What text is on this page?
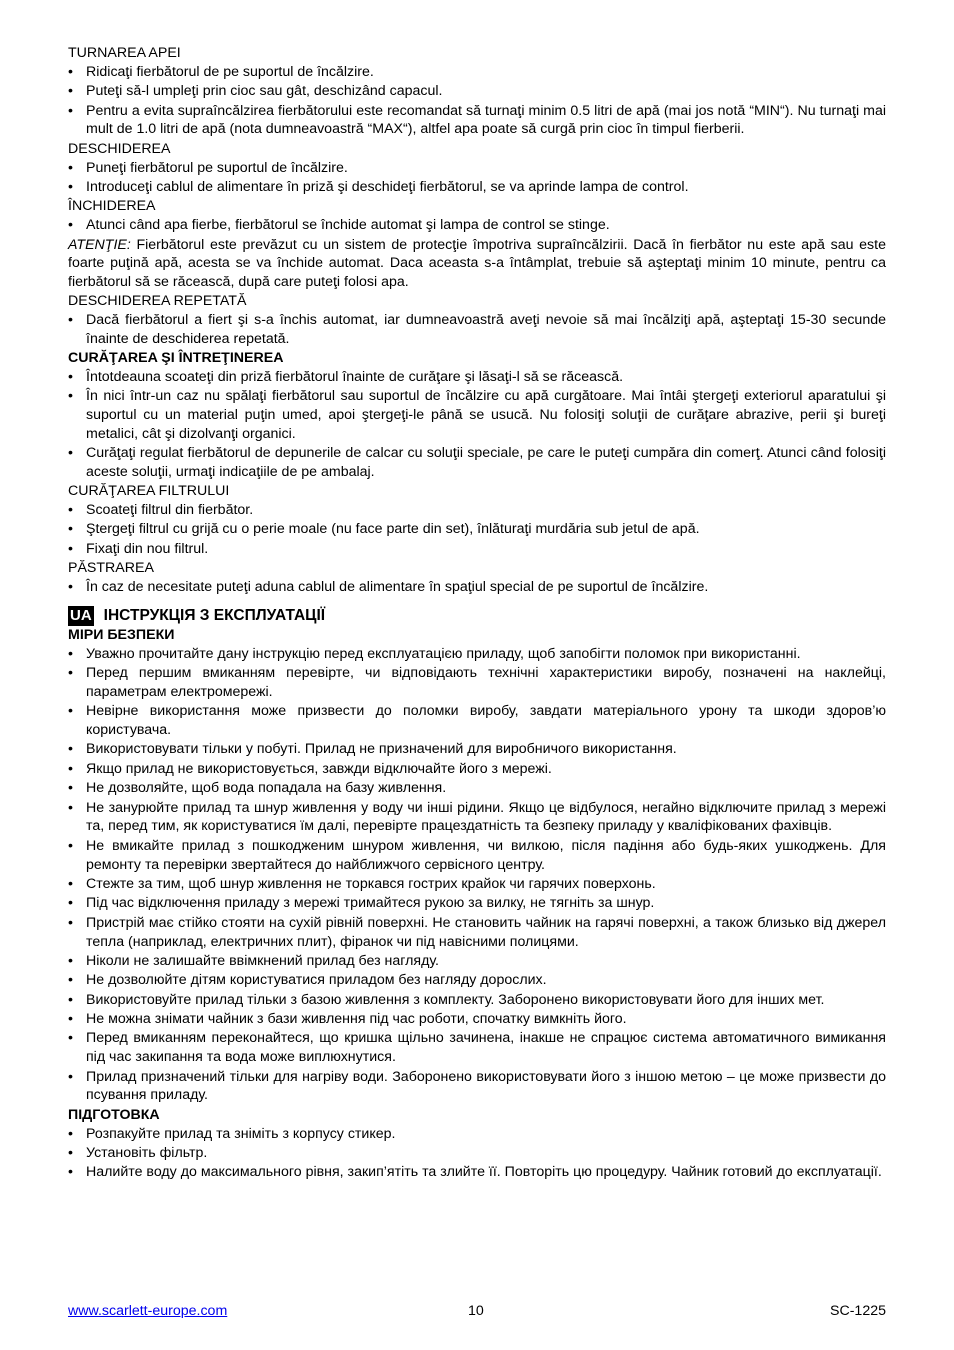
TURNAREA APEI
• Ridicaţi fierbătorul de pe suportul de încălzire.
• Puteţi să-l umpleţi prin cioc sau gât, deschizând capacul.
• Pentru a evita supraîncălzirea fierbătorului este recomandat să turnaţi minim 0.5 litri de apă (mai jos notă “MIN“). Nu turnaţi mai mult de 1.0 litri de apă (nota dumneavoastră “MAX“), altfel apa poate să curgă prin cioc în timpul fierberii.
DESCHIDEREA
• Puneţi fierbătorul pe suportul de încălzire.
• Introduceţi cablul de alimentare în priză şi deschideţi fierbătorul, se va aprinde lampa de control.
ÎNCHIDEREA
• Atunci când apa fierbe, fierbătorul se închide automat şi lampa de control se stinge.

ATENŢIE: Fierbătorul este prevăzut cu un sistem de protecţie împotriva supraîncălzirii. Dacă în fierbător nu este apă sau este foarte puţină apă, acesta se va închide automat. Daca aceasta s-a întâmplat, trebuie să aşteptaţi minim 10 minute, pentru ca fierbătorul să se răcească, după care puteţi folosi apa.

DESCHIDEREA REPETATĂ
• Dacă fierbătorul a fiert şi s-a închis automat, iar dumneavoastră aveţi nevoie să mai încălziţi apă, aşteptaţi 15-30 secunde înainte de deschiderea repetată.
CURĂŢAREA ŞI ÎNTREŢINEREA
• Întotdeauna scoateţi din priză fierbătorul înainte de curăţare şi lăsaţi-l să se răcească.
• În nici într-un caz nu spălaţi fierbătorul sau suportul de încălzire cu apă curgătoare. Mai întâi ştergeţi exteriorul aparatului şi suportul cu un material puţin umed, apoi ştergeţi-le până se usucă. Nu folosiţi soluţii de curăţare abrazive, perii şi bureţi metalici, cât şi dizolvanţi organici.
• Curăţaţi regulat fierbătorul de depunerile de calcar cu soluţii speciale, pe care le puteţi cumpăra din comerţ. Atunci când folosiţi aceste soluţii, urmaţi indicaţiile de pe ambalaj.
CURĂŢAREA FILTRULUI
• Scoateţi filtrul din fierbător.
• Ştergeţi filtrul cu grijă cu o perie moale (nu face parte din set), înlăturaţi murdăria sub jetul de apă.
• Fixaţi din nou filtrul.
PĂSTRAREA
• În caz de necesitate puteţi aduna cablul de alimentare în spaţiul special de pe suportul de încălzire.
UA ІНСТРУКЦІЯ З ЕКСПЛУАТАЦІЇ
МІРИ БЕЗПЕКИ
• Уважно прочитайте дану інструкцію перед експлуатацією приладу, щоб запобігти поломок при використанні.
• Перед першим вмиканням перевірте, чи відповідають технічні характеристики виробу, позначені на наклейці, параметрам електромережі.
• Невірне використання може призвести до поломки виробу, завдати матеріального урону та шкоди здоров’ю користувача.
• Використовувати тільки у побуті. Прилад не призначений для виробничого використання.
• Якщо прилад не використовується, завжди відключайте його з мережі.
• Не дозволяйте, щоб вода попадала на базу живлення.
• Не занурюйте прилад та шнур живлення у воду чи інші рідини. Якщо це відбулося, негайно відключите прилад з мережі та, перед тим, як користуватися їм далі, перевірте працездатність та безпеку приладу у кваліфікованих фахівців.
• Не вмикайте прилад з пошкодженим шнуром живлення, чи вилкою, після падіння або будь-яких ушкоджень. Для ремонту та перевірки звертайтеся до найближчого сервісного центру.
• Стежте за тим, щоб шнур живлення не торкався гострих крайок чи гарячих поверхонь.
• Під час відключення приладу з мережі тримайтеся рукою за вилку, не тягніть за шнур.
• Пристрій має стійко стояти на сухій рівній поверхні. Не становить чайник на гарячі поверхні, а також близько від джерел тепла (наприклад, електричних плит), фіранок чи під навісними полицями.
• Ніколи не залишайте ввімкнений прилад без нагляду.
• Не дозволюйте дітям користуватися приладом без нагляду дорослих.
• Використовуйте прилад тільки з базою живлення з комплекту. Заборонено використовувати його для інших мет.
• Не можна знімати чайник з бази живлення під час роботи, спочатку вимкніть його.
• Перед вмиканням переконайтеся, що кришка щільно зачинена, інакше не спрацює система автоматичного вимикання під час закипання та вода може виплюхнутися.
• Прилад призначений тільки для нагріву води. Заборонено використовувати його з іншою метою – це може призвести до псування приладу.
ПІДГОТОВКА
• Розпакуйте прилад та зніміть з корпусу стикер.
• Установіть фільтр.
• Налийте воду до максимального рівня, закип’ятіть та злийте її. Повторіть цю процедуру. Чайник готовий до експлуатації.
www.scarlett-europe.com	10	SC-1225
